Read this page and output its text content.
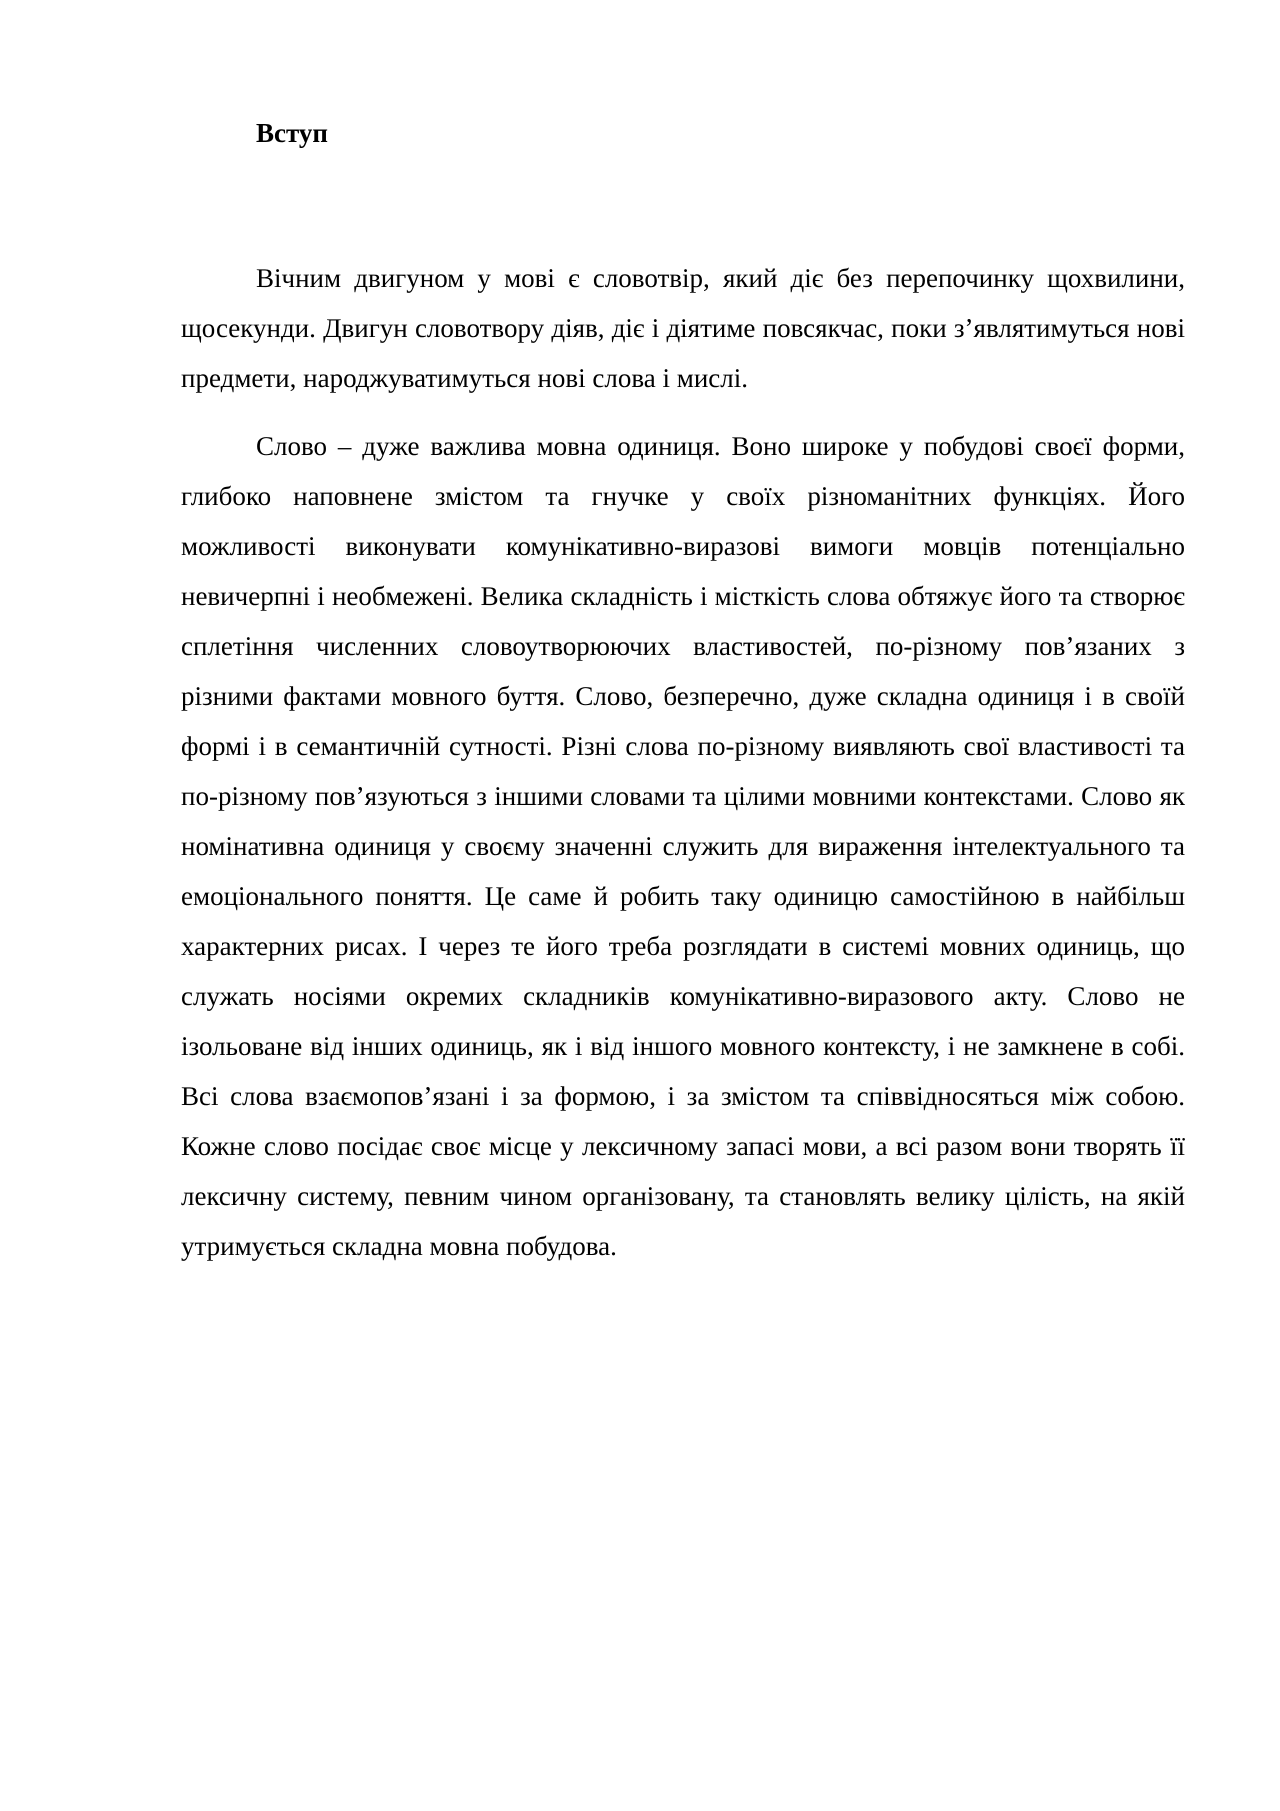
Вступ

Вічним двигуном у мові є словотвір, який діє без перепочинку щохвилини, щосекунди. Двигун словотвору діяв, діє і діятиме повсякчас, поки з’являтимуться нові предмети, народжуватимуться нові слова і мислі.

Слово – дуже важлива мовна одиниця. Воно широке у побудові своєї форми, глибоко наповнене змістом та гнучке у своїх різноманітних функціях. Його можливості виконувати комунікативно-виразові вимоги мовців потенціально невичерпні і необмежені. Велика складність і місткість слова обтяжує його та створює сплетіння численних словоутворюючих властивостей, по-різному пов’язаних з різними фактами мовного буття. Слово, безперечно, дуже складна одиниця і в своїй формі і в семантичній сутності. Різні слова по-різному виявляють свої властивості та по-різному пов’язуються з іншими словами та цілими мовними контекстами. Слово як номінативна одиниця у своєму значенні служить для вираження інтелектуального та емоціонального поняття. Це саме й робить таку одиницю самостійною в найбільш характерних рисах. І через те його треба розглядати в системі мовних одиниць, що служать носіями окремих складників комунікативно-виразового акту. Слово не ізольоване від інших одиниць, як і від іншого мовного контексту, і не замкнене в собі. Всі слова взаємопов’язані і за формою, і за змістом та співвідносяться між собою. Кожне слово посідає своє місце у лексичному запасі мови, а всі разом вони творять її лексичну систему, певним чином організовану, та становлять велику цілість, на якій утримується складна мовна побудова.
